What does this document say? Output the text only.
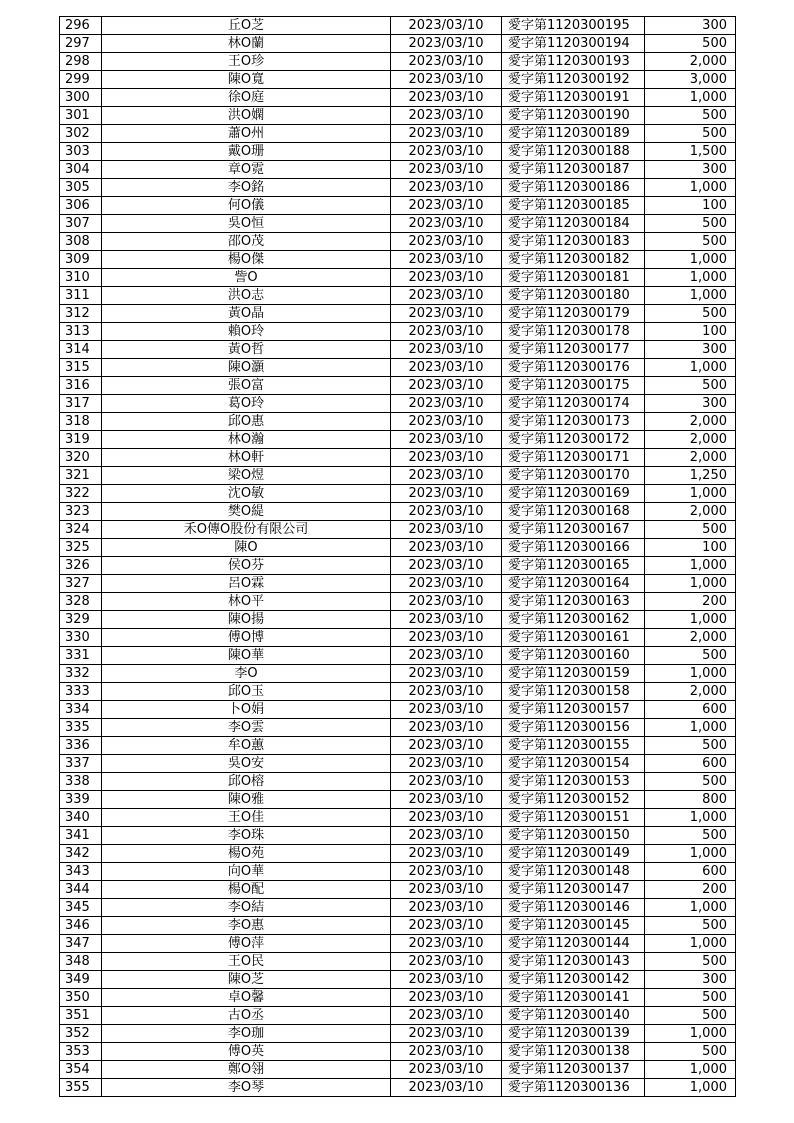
296	丘O芝	2023/03/10	愛字第1120300195	300
297	林O蘭	2023/03/10	愛字第1120300194	500
298	王O珍	2023/03/10	愛字第1120300193	2,000
299	陳O寬	2023/03/10	愛字第1120300192	3,000
300	徐O庭	2023/03/10	愛字第1120300191	1,000
301	洪O嫻	2023/03/10	愛字第1120300190	500
302	蕭O州	2023/03/10	愛字第1120300189	500
303	戴O珊	2023/03/10	愛字第1120300188	1,500
304	章O霓	2023/03/10	愛字第1120300187	300
305	李O銘	2023/03/10	愛字第1120300186	1,000
306	何O儀	2023/03/10	愛字第1120300185	100
307	吳O恒	2023/03/10	愛字第1120300184	500
308	邵O茂	2023/03/10	愛字第1120300183	500
309	楊O傑	2023/03/10	愛字第1120300182	1,000
310	訾O	2023/03/10	愛字第1120300181	1,000
311	洪O志	2023/03/10	愛字第1120300180	1,000
312	黃O晶	2023/03/10	愛字第1120300179	500
313	賴O玲	2023/03/10	愛字第1120300178	100
314	黃O哲	2023/03/10	愛字第1120300177	300
315	陳O灝	2023/03/10	愛字第1120300176	1,000
316	張O富	2023/03/10	愛字第1120300175	500
317	葛O玲	2023/03/10	愛字第1120300174	300
318	邱O惠	2023/03/10	愛字第1120300173	2,000
319	林O瀚	2023/03/10	愛字第1120300172	2,000
320	林O軒	2023/03/10	愛字第1120300171	2,000
321	梁O煜	2023/03/10	愛字第1120300170	1,250
322	沈O敏	2023/03/10	愛字第1120300169	1,000
323	樊O緹	2023/03/10	愛字第1120300168	2,000
324	禾O傳O股份有限公司	2023/03/10	愛字第1120300167	500
325	陳O	2023/03/10	愛字第1120300166	100
326	侯O芬	2023/03/10	愛字第1120300165	1,000
327	呂O霖	2023/03/10	愛字第1120300164	1,000
328	林O平	2023/03/10	愛字第1120300163	200
329	陳O揚	2023/03/10	愛字第1120300162	1,000
330	傅O博	2023/03/10	愛字第1120300161	2,000
331	陳O華	2023/03/10	愛字第1120300160	500
332	李O	2023/03/10	愛字第1120300159	1,000
333	邱O玉	2023/03/10	愛字第1120300158	2,000
334	卜O娟	2023/03/10	愛字第1120300157	600
335	李O雲	2023/03/10	愛字第1120300156	1,000
336	牟O蕙	2023/03/10	愛字第1120300155	500
337	吳O安	2023/03/10	愛字第1120300154	600
338	邱O榕	2023/03/10	愛字第1120300153	500
339	陳O雅	2023/03/10	愛字第1120300152	800
340	王O佳	2023/03/10	愛字第1120300151	1,000
341	李O珠	2023/03/10	愛字第1120300150	500
342	楊O苑	2023/03/10	愛字第1120300149	1,000
343	向O華	2023/03/10	愛字第1120300148	600
344	楊O配	2023/03/10	愛字第1120300147	200
345	李O結	2023/03/10	愛字第1120300146	1,000
346	李O惠	2023/03/10	愛字第1120300145	500
347	傅O萍	2023/03/10	愛字第1120300144	1,000
348	王O民	2023/03/10	愛字第1120300143	500
349	陳O芝	2023/03/10	愛字第1120300142	300
350	卓O馨	2023/03/10	愛字第1120300141	500
351	古O丞	2023/03/10	愛字第1120300140	500
352	李O珈	2023/03/10	愛字第1120300139	1,000
353	傅O英	2023/03/10	愛字第1120300138	500
354	鄭O翎	2023/03/10	愛字第1120300137	1,000
355	李O琴	2023/03/10	愛字第1120300136	1,000
